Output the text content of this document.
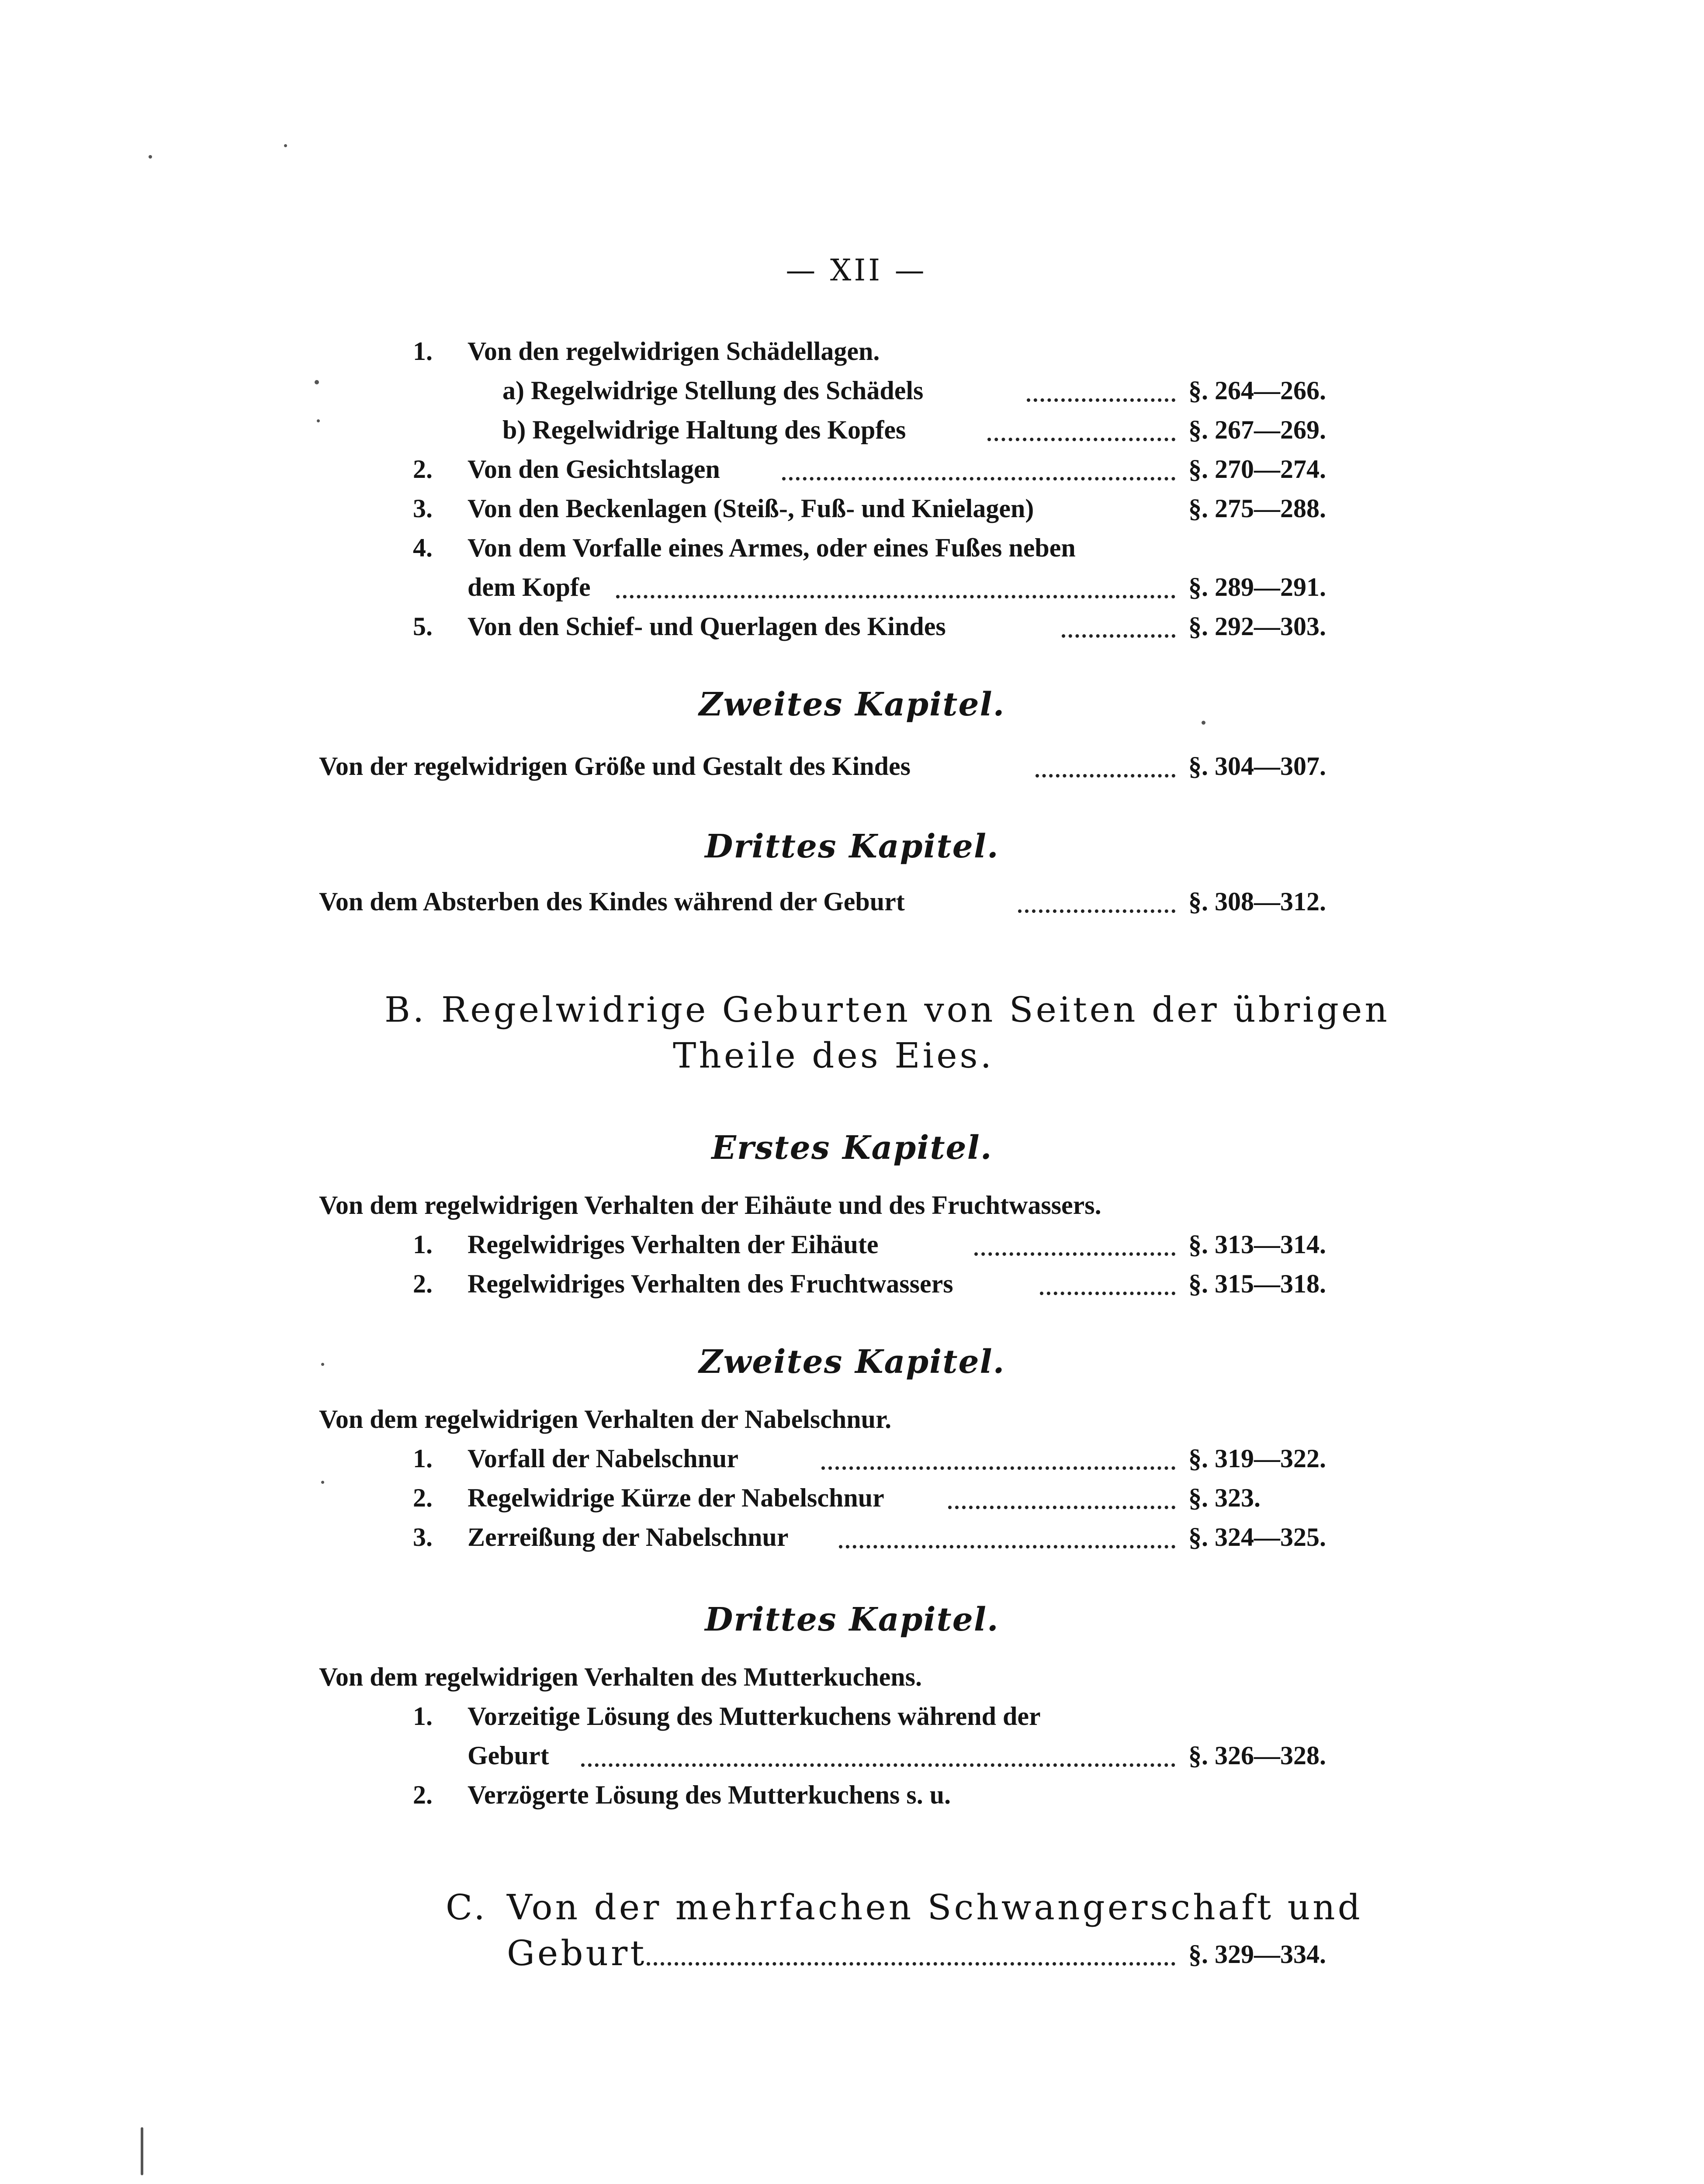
— XII —
1. Von den regelwidrigen Schädellagen.
a) Regelwidrige Stellung des Schädels	§. 264—266.
b) Regelwidrige Haltung des Kopfes	§. 267—269.
2. Von den Gesichtslagen	§. 270—274.
3. Von den Beckenlagen (Steiß-, Fuß- und Knielagen)	§. 275—288.
4. Von dem Vorfalle eines Armes, oder eines Fußes neben
dem Kopfe	§. 289—291.
5. Von den Schief- und Querlagen des Kindes	§. 292—303.
Zweites Kapitel.
Von der regelwidrigen Größe und Gestalt des Kindes	§. 304—307.
Drittes Kapitel.
Von dem Absterben des Kindes während der Geburt	§. 308—312.
B. Regelwidrige Geburten von Seiten der übrigen
Theile des Eies.
Erstes Kapitel.
Von dem regelwidrigen Verhalten der Eihäute und des Fruchtwassers.
1. Regelwidriges Verhalten der Eihäute	§. 313—314.
2. Regelwidriges Verhalten des Fruchtwassers	§. 315—318.
Zweites Kapitel.
Von dem regelwidrigen Verhalten der Nabelschnur.
1. Vorfall der Nabelschnur	§. 319—322.
2. Regelwidrige Kürze der Nabelschnur	§. 323.
3. Zerreißung der Nabelschnur	§. 324—325.
Drittes Kapitel.
Von dem regelwidrigen Verhalten des Mutterkuchens.
1. Vorzeitige Lösung des Mutterkuchens während der
Geburt	§. 326—328.
2. Verzögerte Lösung des Mutterkuchens s. u.
C. Von der mehrfachen Schwangerschaft und
Geburt	§. 329—334.
